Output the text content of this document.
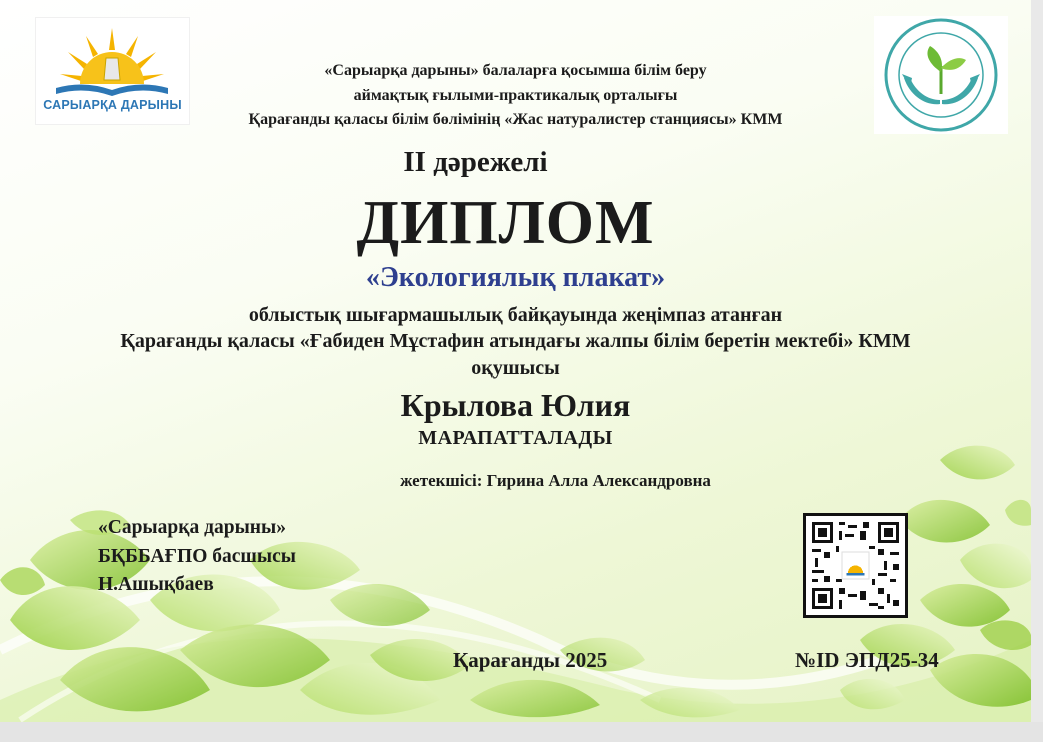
САРЫАРҚА ДАРЫНЫ
«Сарыарқа дарыны» балаларға қосымша білім беру
аймақтық ғылыми-практикалық орталығы
Қарағанды қаласы білім бөлімінің «Жас натуралистер станциясы» КММ
II дәрежелі
ДИПЛОМ
«Экологиялық плакат»
облыстық шығармашылық байқауында жеңімпаз атанған
Қарағанды қаласы «Ғабиден Мұстафин атындағы жалпы білім беретін мектебі» КММ
оқушысы
Крылова Юлия
МАРАПАТТАЛАДЫ
жетекшісі: Гирина Алла Александровна
«Сарыарқа дарыны»
БҚББАҒПО басшысы
Н.Ашықбаев
Қарағанды 2025	№ID ЭПД25-34
